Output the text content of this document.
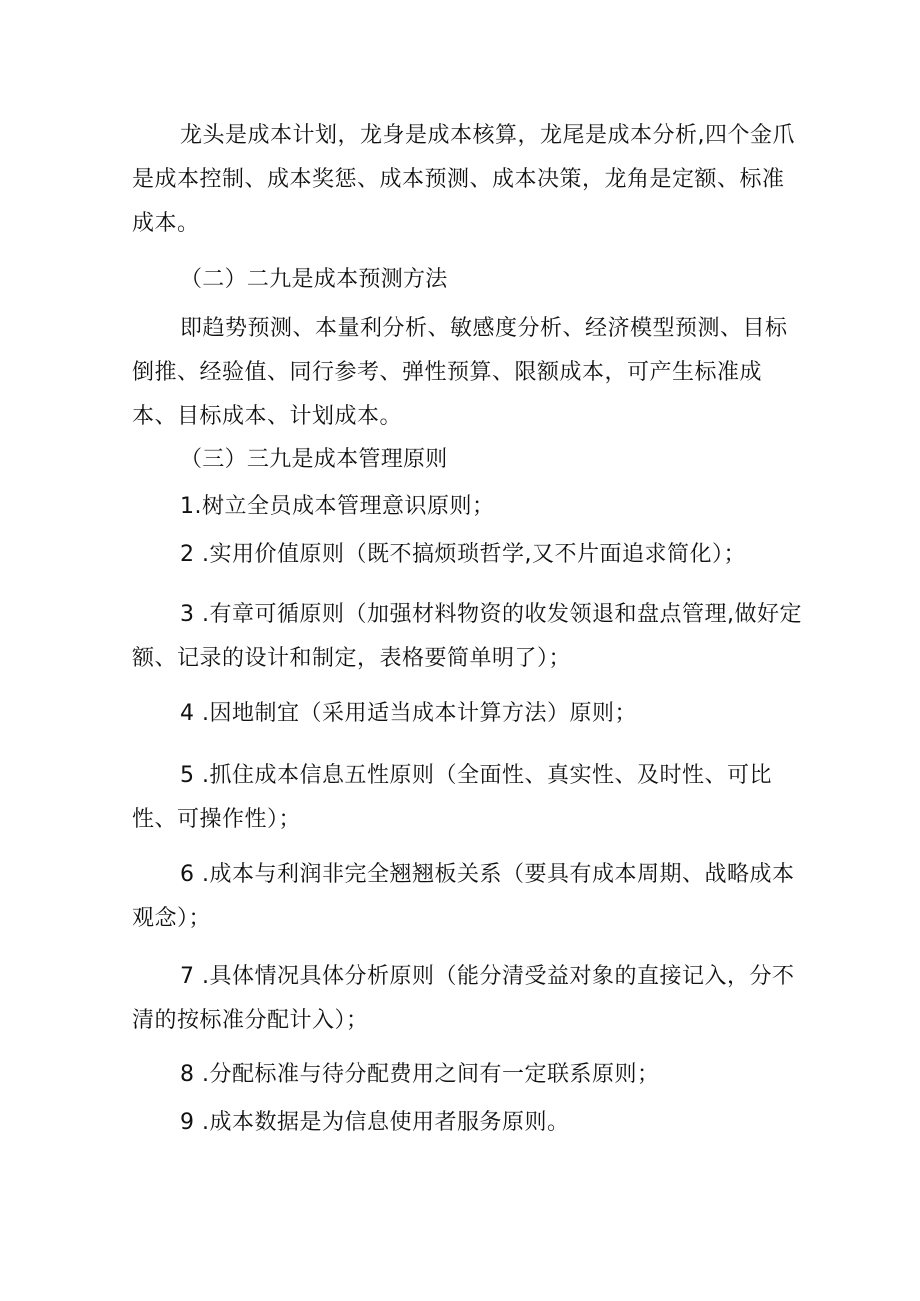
龙头是成本计划，龙身是成本核算，龙尾是成本分析,四个金爪是成本控制、成本奖惩、成本预测、成本决策，龙角是定额、标准成本。

（二）二九是成本预测方法

即趋势预测、本量利分析、敏感度分析、经济模型预测、目标倒推、经验值、同行参考、弹性预算、限额成本，可产生标准成本、目标成本、计划成本。

（三）三九是成本管理原则

1.树立全员成本管理意识原则；

2 .实用价值原则（既不搞烦琐哲学,又不片面追求简化）；

3 .有章可循原则（加强材料物资的收发领退和盘点管理,做好定额、记录的设计和制定，表格要简单明了）；

4 .因地制宜（采用适当成本计算方法）原则；

5 .抓住成本信息五性原则（全面性、真实性、及时性、可比性、可操作性）；

6 .成本与利润非完全翘翘板关系（要具有成本周期、战略成本观念）；

7 .具体情况具体分析原则（能分清受益对象的直接记入，分不清的按标准分配计入）；

8 .分配标准与待分配费用之间有一定联系原则；

9 .成本数据是为信息使用者服务原则。
